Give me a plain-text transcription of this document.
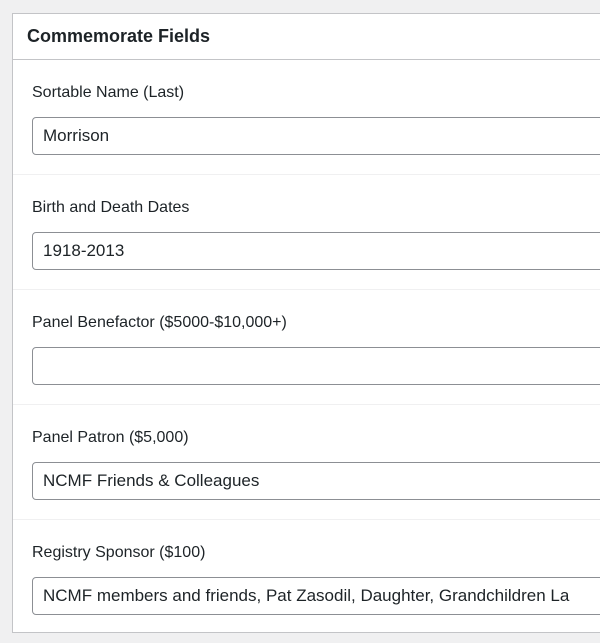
Commemorate Fields
Sortable Name (Last)
Morrison
Birth and Death Dates
1918-2013
Panel Benefactor ($5000-$10,000+)
Panel Patron ($5,000)
NCMF Friends & Colleagues
Registry Sponsor ($100)
NCMF members and friends, Pat Zasodil, Daughter, Grandchildren La
